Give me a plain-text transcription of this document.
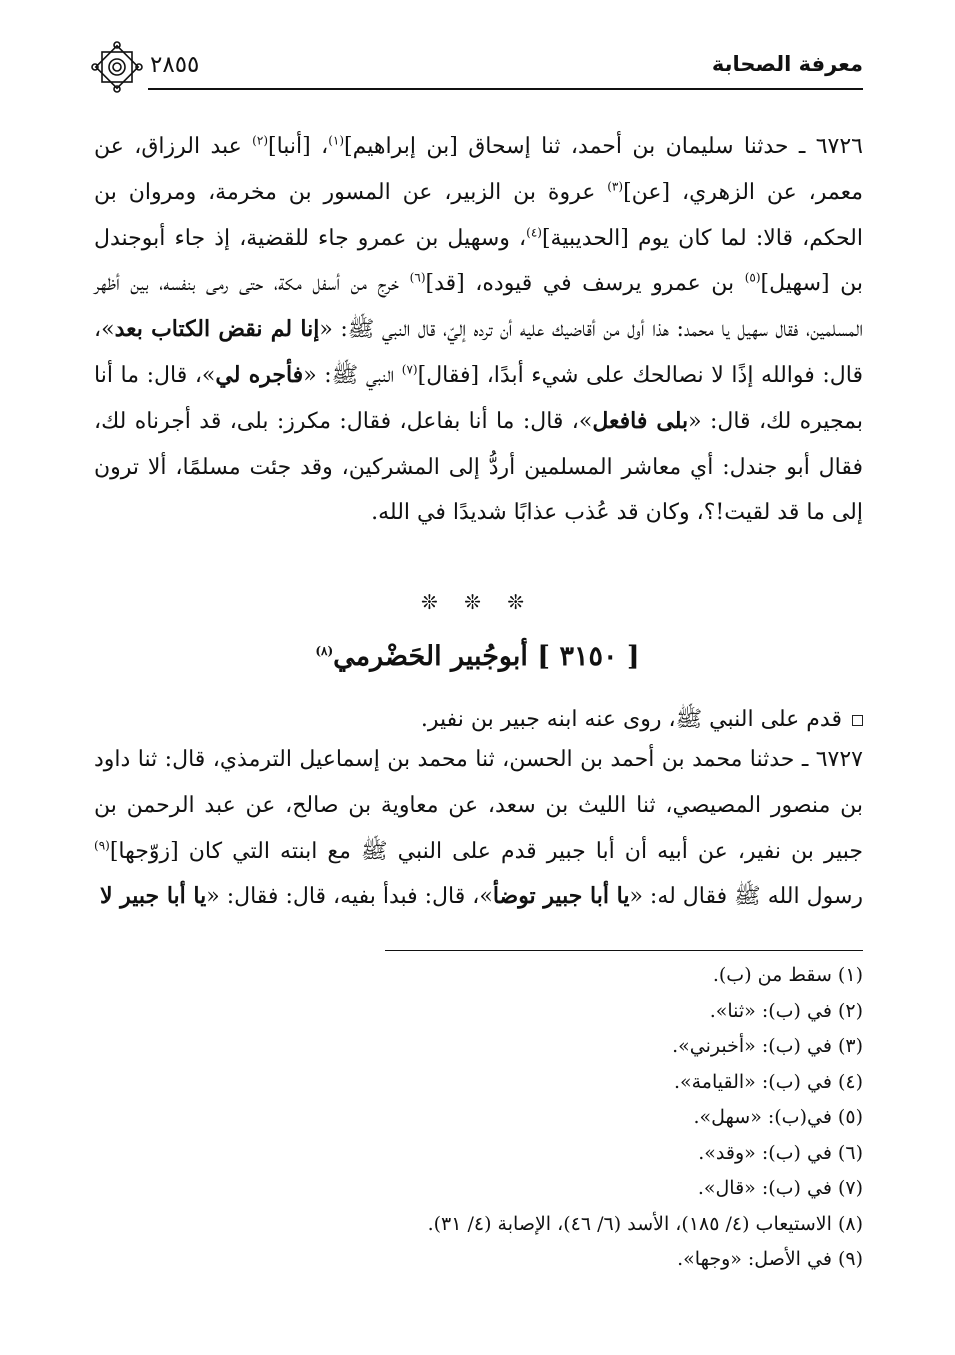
معرفة الصحابة
٢٨٥٥

٦٧٢٦ ـ حدثنا سليمان بن أحمد، ثنا إسحاق [بن إبراهيم]$^{(١)}$، [أنبا]$^{(٢)}$ عبد الرزاق، عن معمر، عن الزهري، [عن]$^{(٣)}$ عروة بن الزبير، عن المسور بن مخرمة، ومروان بن الحكم، قالا: لما كان يوم [الحديبية]$^{(٤)}$، وسهيل بن عمرو جاء للقضية، إذ جاء أبوجندل بن [سهيل]$^{(٥)}$ بن عمرو يرسف في قيوده، [قد]$^{(٦)}$ خرج من أسفل مكة، حتى رمى بنفسه، بين أظهر المسلمين، فقال سهيل يا محمد: هذا أول من أقاضيك عليه أن ترده إليّ، قال النبي ﷺ: «إنا لم نقض الكتاب بعد»، قال: فوالله إذًا لا نصالحك على شيء أبدًا، [فقال]$^{(٧)}$ النبي ﷺ: «فأجره لي»، قال: ما أنا بمجيره لك، قال: «بلى فافعل»، قال: ما أنا بفاعل، فقال: مكرز: بلى، قد أجرناه لك، فقال أبو جندل: أي معاشر المسلمين أردُّ إلى المشركين، وقد جئت مسلمًا، ألا ترون إلى ما قد لقيت!؟، وكان قد عُذب عذابًا شديدًا في الله.

❊ ❊ ❊
[ ٣١٥٠ ] أبوجُبير الحَضْرمي$^{(٨)}$
قدم على النبي ﷺ، روى عنه ابنه جبير بن نفير.

٦٧٢٧ ـ حدثنا محمد بن أحمد بن الحسن، ثنا محمد بن إسماعيل الترمذي، قال: ثنا داود بن منصور المصيصي، ثنا الليث بن سعد، عن معاوية بن صالح، عن عبد الرحمن بن جبير بن نفير، عن أبيه أن أبا جبير قدم على النبي ﷺ مع ابنته التي كان [زوّجها]$^{(٩)}$ رسول الله ﷺ فقال له: «يا أبا جبير توضأ»، قال: فبدأ بفيه، قال: فقال: «يا أبا جبير لا

(١) سقط من (ب).
(٢) في (ب): «ثنا».
(٣) في (ب): «أخبرني».
(٤) في (ب): «القيامة».
(٥) في(ب): «سهل».
(٦) في (ب): «وقد».
(٧) في (ب): «قال».
(٨) الاستيعاب (٤/ ١٨٥)، الأسد (٦/ ٤٦)، الإصابة (٤/ ٣١).
(٩) في الأصل: «وجها».
